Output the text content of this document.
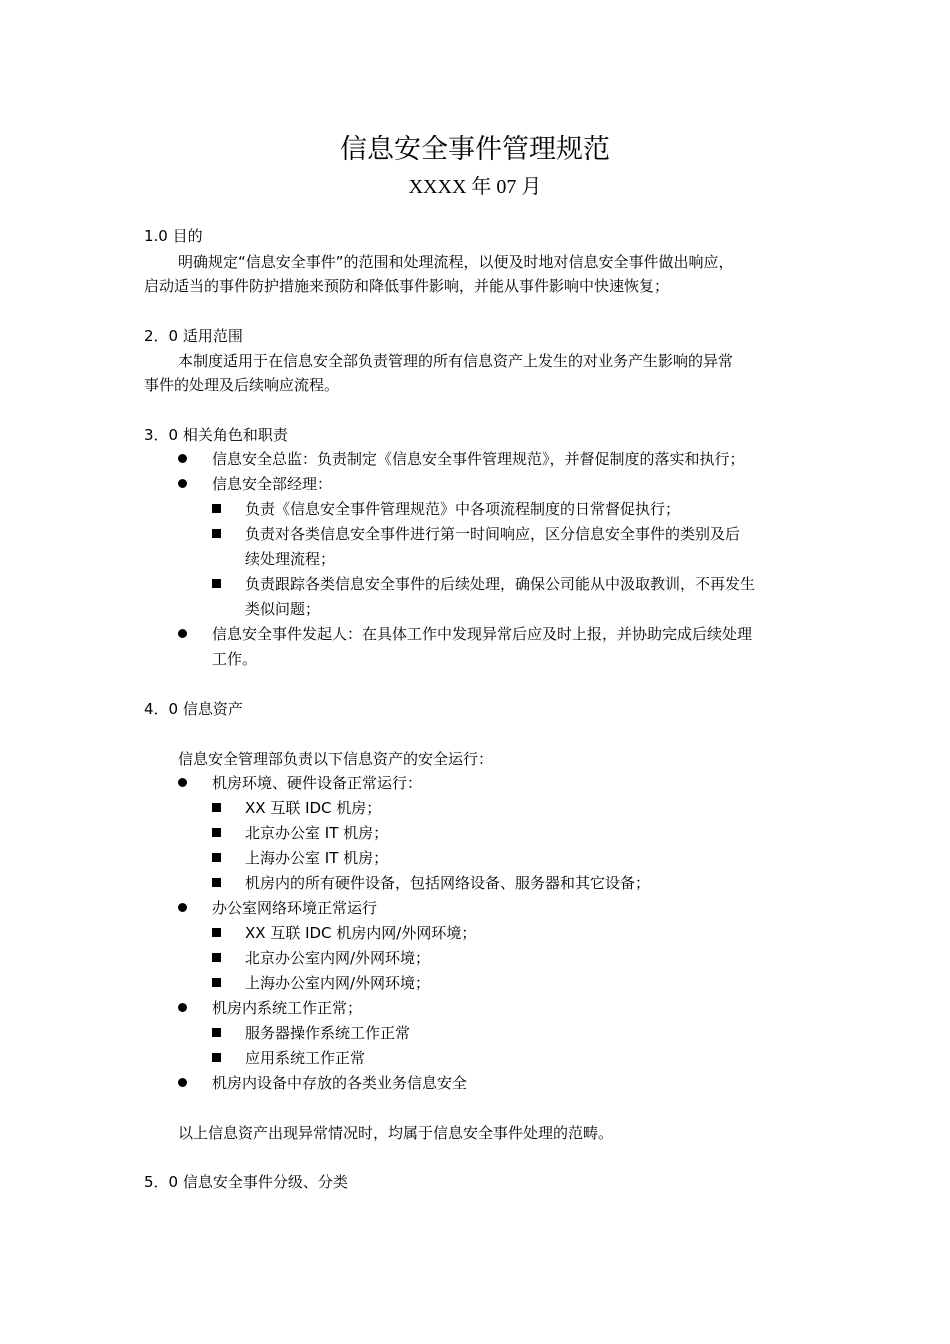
信息安全事件管理规范
XXXX 年 07 月
1.0 目的
明确规定“信息安全事件”的范围和处理流程，以便及时地对信息安全事件做出响应，
启动适当的事件防护措施来预防和降低事件影响，并能从事件影响中快速恢复；
2．0 适用范围
本制度适用于在信息安全部负责管理的所有信息资产上发生的对业务产生影响的异常
事件的处理及后续响应流程。
3．0 相关角色和职责
信息安全总监：负责制定《信息安全事件管理规范》，并督促制度的落实和执行；
信息安全部经理：
负责《信息安全事件管理规范》中各项流程制度的日常督促执行；
负责对各类信息安全事件进行第一时间响应，区分信息安全事件的类别及后
续处理流程；
负责跟踪各类信息安全事件的后续处理，确保公司能从中汲取教训，不再发生
类似问题；
信息安全事件发起人：在具体工作中发现异常后应及时上报，并协助完成后续处理
工作。
4．0 信息资产
信息安全管理部负责以下信息资产的安全运行：
机房环境、硬件设备正常运行：
XX 互联 IDC 机房；
北京办公室 IT 机房；
上海办公室 IT 机房；
机房内的所有硬件设备，包括网络设备、服务器和其它设备；
办公室网络环境正常运行
XX 互联 IDC 机房内网/外网环境；
北京办公室内网/外网环境；
上海办公室内网/外网环境；
机房内系统工作正常；
服务器操作系统工作正常
应用系统工作正常
机房内设备中存放的各类业务信息安全
以上信息资产出现异常情况时，均属于信息安全事件处理的范畴。
5．0 信息安全事件分级、分类
